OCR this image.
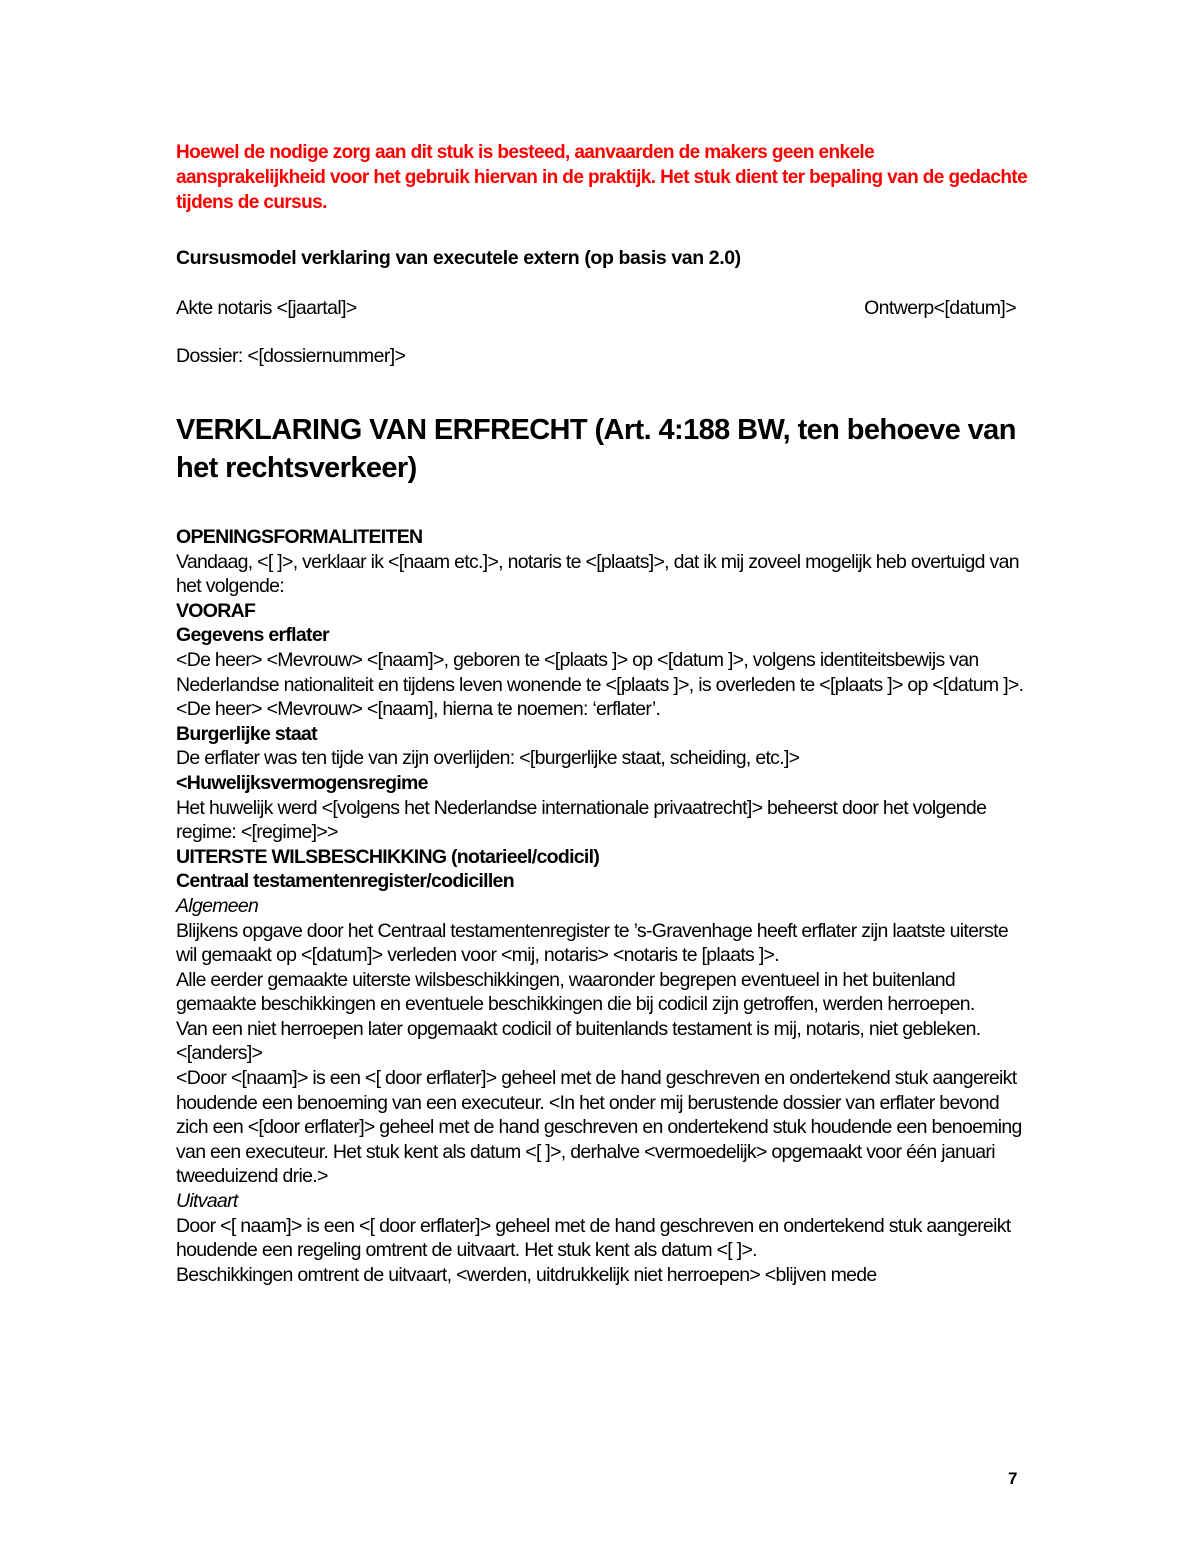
Hoewel de nodige zorg aan dit stuk is besteed, aanvaarden de makers geen enkele aansprakelijkheid voor het gebruik hiervan in de praktijk. Het stuk dient ter bepaling van de gedachte tijdens de cursus.

Cursusmodel verklaring van executele extern (op basis van 2.0)

Akte notaris <[jaartal]>	Ontwerp<[datum]>

Dossier: <[dossiernummer]>

VERKLARING VAN ERFRECHT (Art. 4:188 BW, ten behoeve van het rechtsverkeer)

OPENINGSFORMALITEITEN

Vandaag, <[ ]>, verklaar ik <[naam etc.]>, notaris te <[plaats]>, dat ik mij zoveel mogelijk heb overtuigd van het volgende:

VOORAF

Gegevens erflater

<De heer> <Mevrouw> <[naam]>, geboren te <[plaats ]> op <[datum ]>, volgens identiteitsbewijs van Nederlandse nationaliteit en tijdens leven wonende te <[plaats ]>, is overleden te <[plaats ]> op <[datum ]>. <De heer> <Mevrouw> <[naam], hierna te noemen: ‘erflater’.

Burgerlijke staat

De erflater was ten tijde van zijn overlijden: <[burgerlijke staat, scheiding, etc.]>

<Huwelijksvermogensregime

Het huwelijk werd <[volgens het Nederlandse internationale privaatrecht]> beheerst door het volgende regime: <[regime]>>

UITERSTE WILSBESCHIKKING (notarieel/codicil)

Centraal testamentenregister/codicillen

Algemeen

Blijkens opgave door het Centraal testamentenregister te ’s-Gravenhage heeft erflater zijn laatste uiterste wil gemaakt op <[datum]> verleden voor <mij, notaris> <notaris te [plaats ]>.

Alle eerder gemaakte uiterste wilsbeschikkingen, waaronder begrepen eventueel in het buitenland gemaakte beschikkingen en eventuele beschikkingen die bij codicil zijn getroffen, werden herroepen.

Van een niet herroepen later opgemaakt codicil of buitenlands testament is mij, notaris, niet gebleken. <[anders]>

<Door <[naam]> is een <[ door erflater]> geheel met de hand geschreven en ondertekend stuk aangereikt houdende een benoeming van een executeur. <In het onder mij berustende dossier van erflater bevond zich een <[door erflater]> geheel met de hand geschreven en ondertekend stuk houdende een benoeming van een executeur. Het stuk kent als datum <[ ]>, derhalve <vermoedelijk> opgemaakt voor één januari tweeduizend drie.>

Uitvaart

Door <[ naam]> is een <[ door erflater]> geheel met de hand geschreven en ondertekend stuk aangereikt houdende een regeling omtrent de uitvaart. Het stuk kent als datum <[ ]>.

Beschikkingen omtrent de uitvaart, <werden, uitdrukkelijk niet herroepen> <blijven mede

7
